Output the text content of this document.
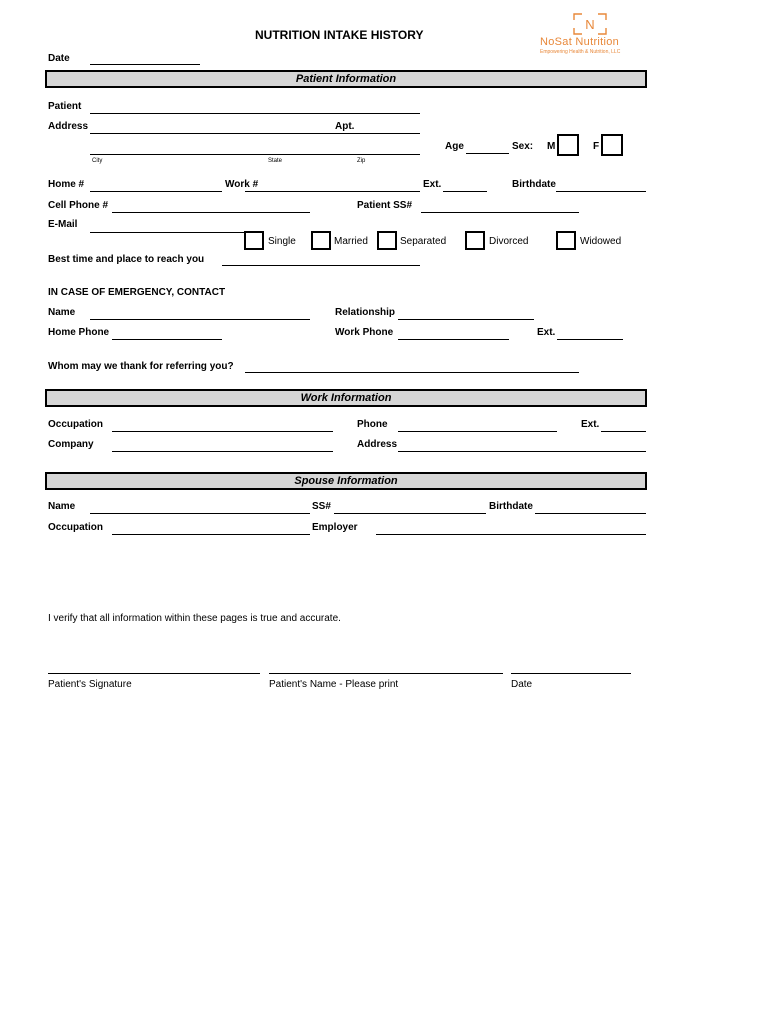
NUTRITION INTAKE HISTORY
N
NoSat Nutrition
Empowering Health & Nutrition, LLC
Date
Patient Information
Patient
Address	Apt.
City	State	Zip
Age	Sex: M	F
Home #	Work #	Ext.	Birthdate
Cell Phone #	Patient SS#
E-Mail
Single	Married	Separated	Divorced	Widowed
Best time and place to reach you
IN CASE OF EMERGENCY, CONTACT
Name	Relationship
Home Phone	Work Phone	Ext.
Whom may we thank for referring you?
Work Information
Occupation	Phone	Ext.
Company	Address
Spouse Information
Name	SS#	Birthdate
Occupation	Employer
I verify that all information within these pages is true and accurate.
Patient's Signature	Patient's Name - Please print	Date
